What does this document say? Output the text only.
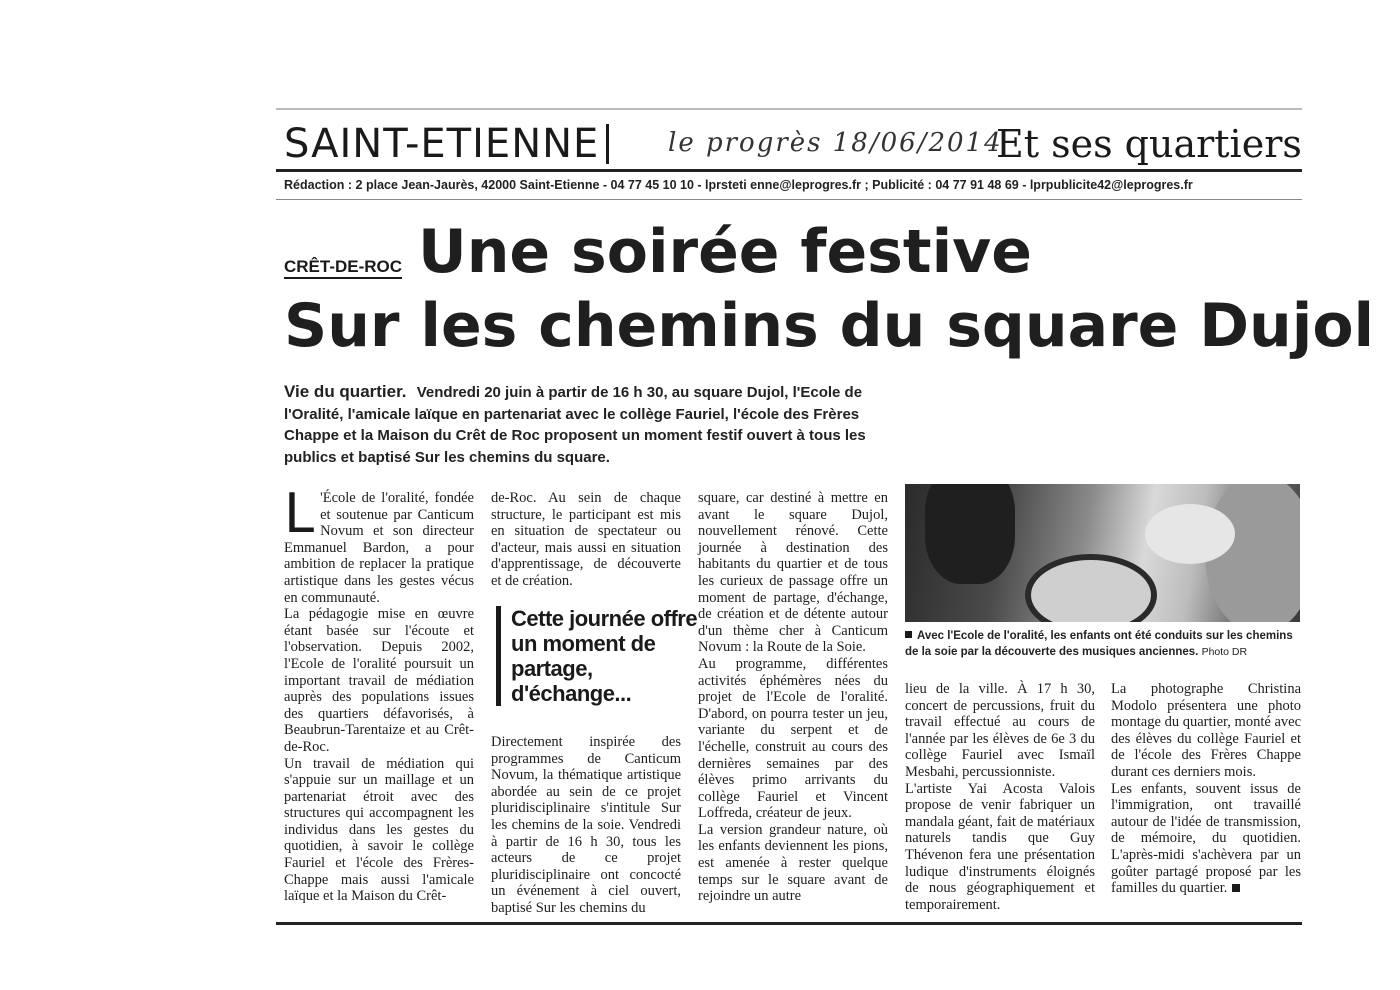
SAINT-ETIENNE	le progrès 18/06/2014
Et ses quartiers
Rédaction : 2 place Jean-Jaurès, 42000 Saint-Etienne - 04 77 45 10 10 - lprsteti enne@leprogres.fr ; Publicité : 04 77 91 48 69 - lprpublicite42@leprogres.fr
CRÊT-DE-ROC Une soirée festive
Sur les chemins du square Dujol
Vie du quartier. Vendredi 20 juin à partir de 16 h 30, au square Dujol, l'Ecole de l'Oralité, l'amicale laïque en partenariat avec le collège Fauriel, l'école des Frères Chappe et la Maison du Crêt de Roc proposent un moment festif ouvert à tous les publics et baptisé Sur les chemins du square.
L 'École de l'oralité, fondée et soutenue par Canticum Novum et son directeur Emmanuel Bardon, a pour ambition de replacer la pratique artistique dans les gestes vécus en communauté.

La pédagogie mise en œuvre étant basée sur l'écoute et l'observation. Depuis 2002, l'Ecole de l'oralité poursuit un important travail de médiation auprès des populations issues des quartiers défavorisés, à Beaubrun-Tarentaize et au Crêt-de-Roc.

Un travail de médiation qui s'appuie sur un maillage et un partenariat étroit avec des structures qui accompagnent les individus dans les gestes du quotidien, à savoir le collège Fauriel et l'école des Frères-Chappe mais aussi l'amicale laïque et la Maison du Crêt-

de-Roc. Au sein de chaque structure, le participant est mis en situation de spectateur ou d'acteur, mais aussi en situation d'apprentissage, de découverte et de création.

Cette journée offre un moment de partage, d'échange...

Directement inspirée des programmes de Canticum Novum, la thématique artistique abordée au sein de ce projet pluridisciplinaire s'intitule Sur les chemins de la soie. Vendredi à partir de 16 h 30, tous les acteurs de ce projet pluridisciplinaire ont concocté un événement à ciel ouvert, baptisé Sur les chemins du

square, car destiné à mettre en avant le square Dujol, nouvellement rénové. Cette journée à destination des habitants du quartier et de tous les curieux de passage offre un moment de partage, d'échange, de création et de détente autour d'un thème cher à Canticum Novum : la Route de la Soie.

Au programme, différentes activités éphémères nées du projet de l'Ecole de l'oralité. D'abord, on pourra tester un jeu, variante du serpent et de l'échelle, construit au cours des dernières semaines par des élèves primo arrivants du collège Fauriel et Vincent Loffreda, créateur de jeux.

La version grandeur nature, où les enfants deviennent les pions, est amenée à rester quelque temps sur le square avant de rejoindre un autre

Avec l'Ecole de l'oralité, les enfants ont été conduits sur les chemins de la soie par la découverte des musiques anciennes. Photo DR

lieu de la ville. À 17 h 30, concert de percussions, fruit du travail effectué au cours de l'année par les élèves de 6e 3 du collège Fauriel avec Ismaïl Mesbahi, percussionniste.

L'artiste Yai Acosta Valois propose de venir fabriquer un mandala géant, fait de matériaux naturels tandis que Guy Thévenon fera une présentation ludique d'instruments éloignés de nous géographiquement et temporairement.

La photographe Christina Modolo présentera une photo montage du quartier, monté avec des élèves du collège Fauriel et de l'école des Frères Chappe durant ces derniers mois.

Les enfants, souvent issus de l'immigration, ont travaillé autour de l'idée de transmission, de mémoire, du quotidien. L'après-midi s'achèvera par un goûter partagé proposé par les familles du quartier.
